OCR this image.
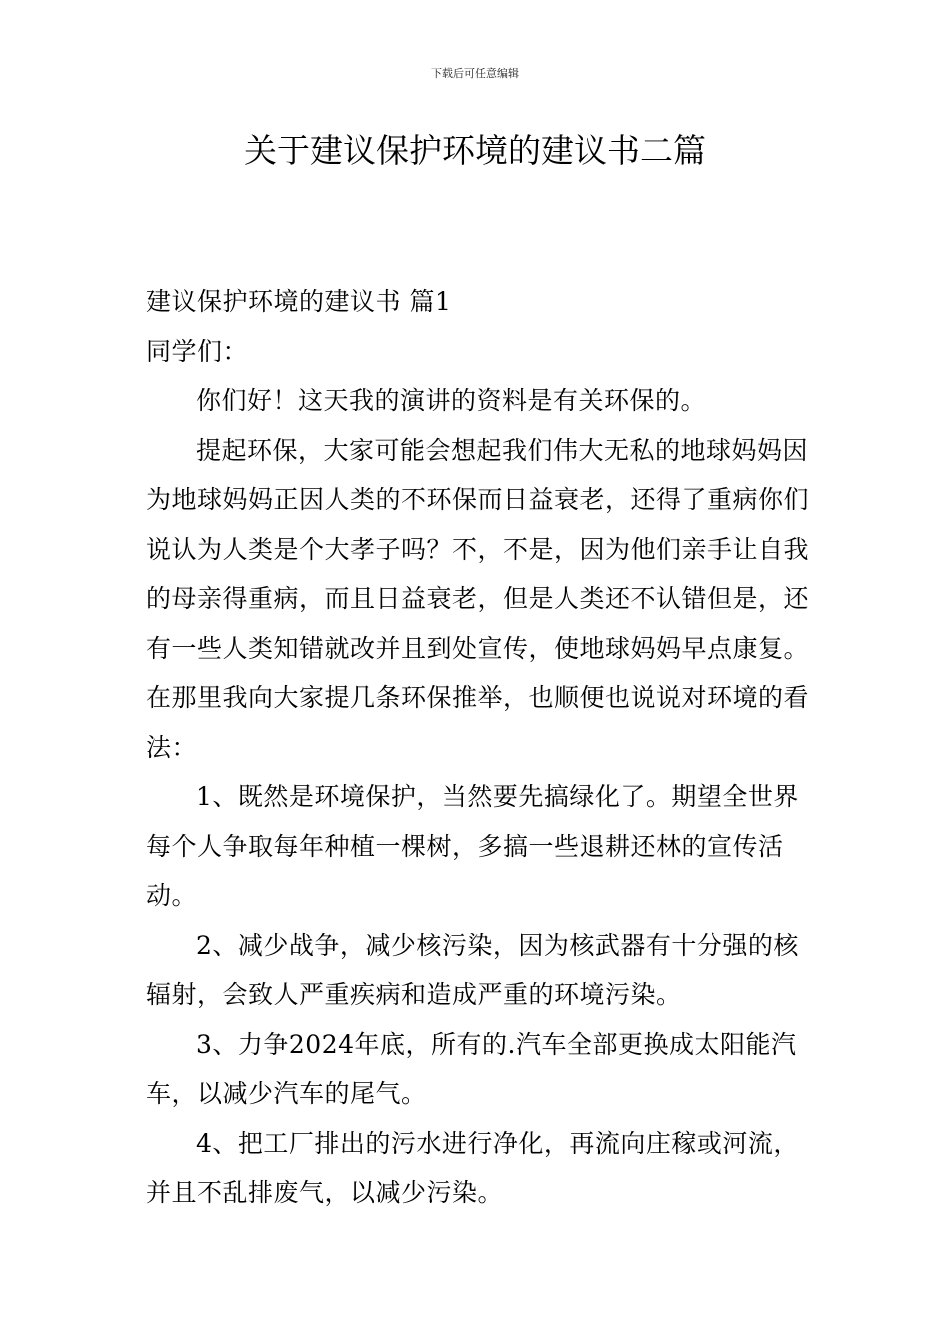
下载后可任意编辑
关于建议保护环境的建议书二篇

建议保护环境的建议书 篇1

同学们：

你们好！这天我的演讲的资料是有关环保的。

提起环保，大家可能会想起我们伟大无私的地球妈妈因为地球妈妈正因人类的不环保而日益衰老，还得了重病你们说认为人类是个大孝子吗？不，不是，因为他们亲手让自我的母亲得重病，而且日益衰老，但是人类还不认错但是，还有一些人类知错就改并且到处宣传，使地球妈妈早点康复。在那里我向大家提几条环保推举，也顺便也说说对环境的看法：

1、既然是环境保护，当然要先搞绿化了。期望全世界每个人争取每年种植一棵树，多搞一些退耕还林的宣传活动。

2、减少战争，减少核污染，因为核武器有十分强的核辐射，会致人严重疾病和造成严重的环境污染。

3、力争2024年底，所有的.汽车全部更换成太阳能汽车，以减少汽车的尾气。

4、把工厂排出的污水进行净化，再流向庄稼或河流，并且不乱排废气，以减少污染。
